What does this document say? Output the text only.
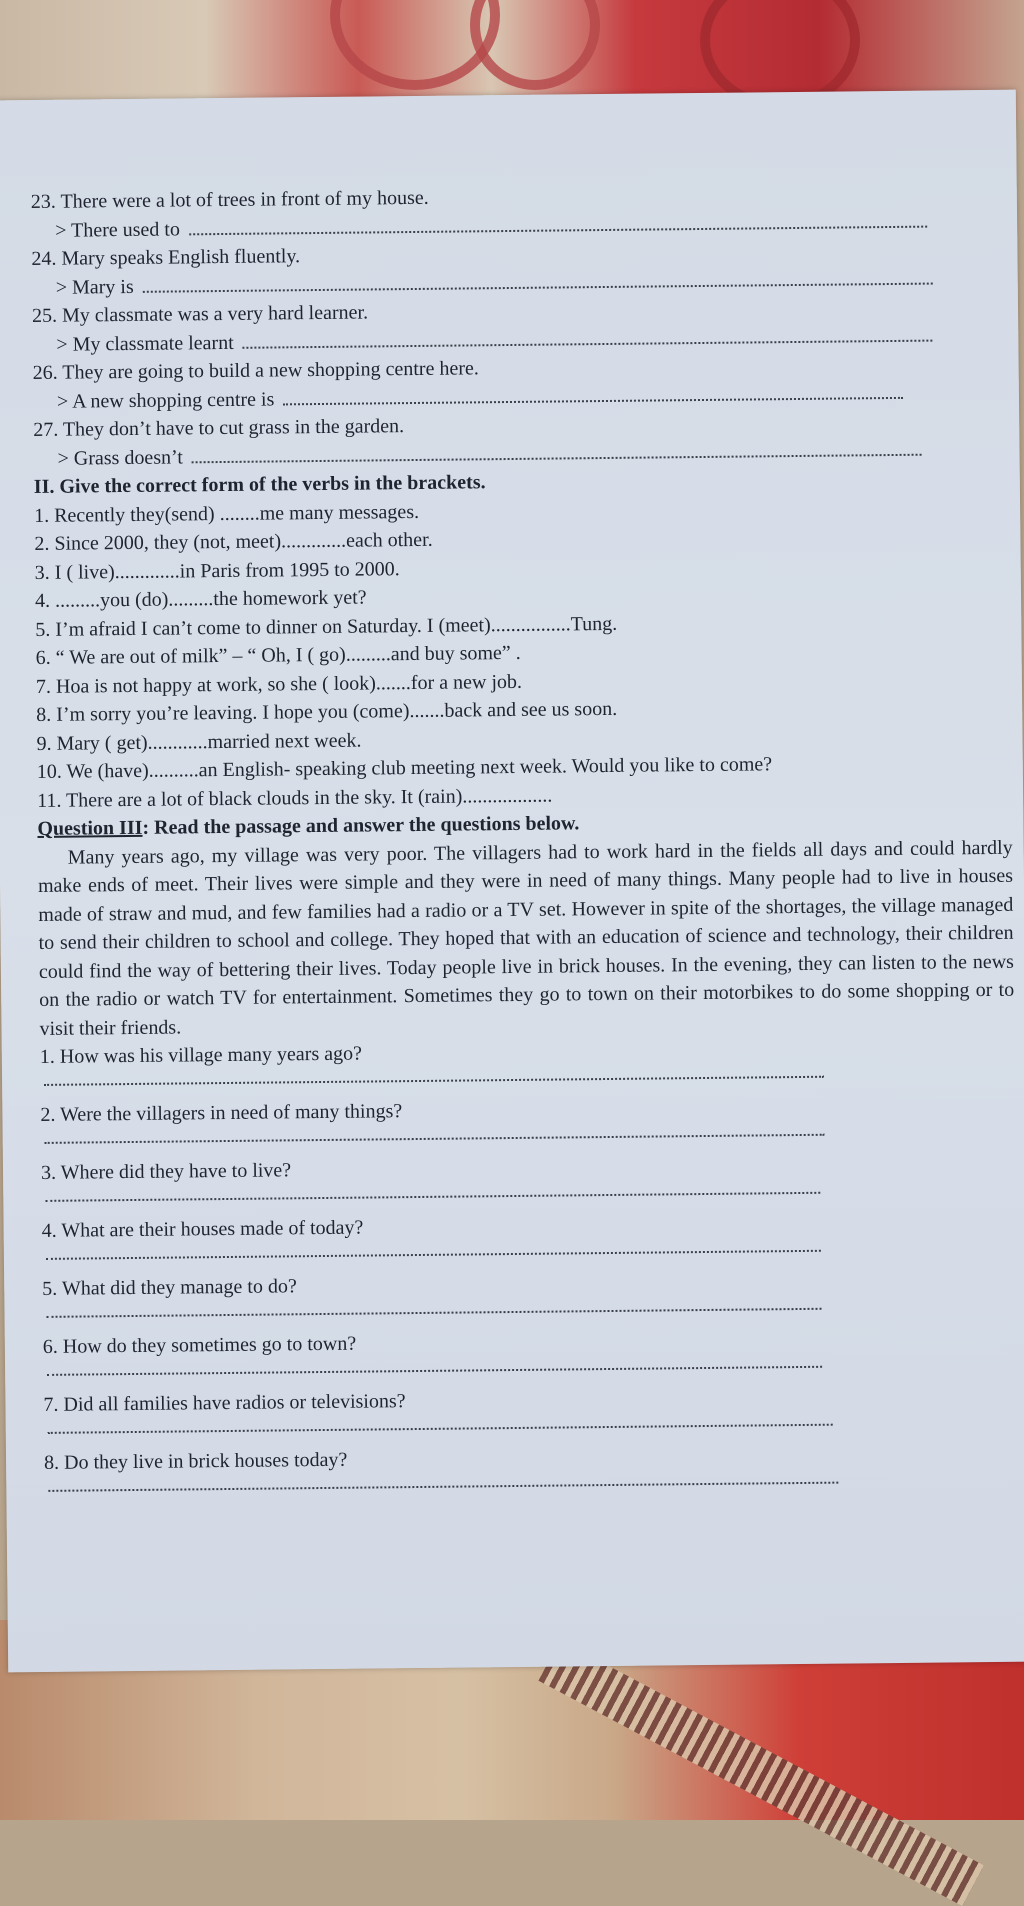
23. There were a lot of trees in front of my house.
> There used to
24. Mary speaks English fluently.
> Mary is
25. My classmate was a very hard learner.
> My classmate learnt
26. They are going to build a new shopping centre here.
> A new shopping centre is
27. They don’t have to cut grass in the garden.
> Grass doesn’t
II. Give the correct form of the verbs in the brackets.
1. Recently they(send) ........me many messages.
2. Since 2000, they (not, meet).............each other.
3. I ( live).............in Paris from 1995 to 2000.
4. .........you (do).........the homework yet?
5. I’m afraid I can’t come to dinner on Saturday. I (meet)................Tung.
6. “ We are out of milk” – “ Oh, I ( go).........and buy some” .
7. Hoa is not happy at work, so she ( look).......for a new job.
8. I’m sorry you’re leaving. I hope you (come).......back and see us soon.
9. Mary ( get)............married next week.
10. We (have)..........an English- speaking club meeting next week. Would you like to come?
11. There are a lot of black clouds in the sky. It (rain)..................
Question III: Read the passage and answer the questions below.
Many years ago, my village was very poor. The villagers had to work hard in the fields all days and could hardly make ends of meet. Their lives were simple and they were in need of many things. Many people had to live in houses made of straw and mud, and few families had a radio or a TV set. However in spite of the shortages, the village managed to send their children to school and college. They hoped that with an education of science and technology, their children could find the way of bettering their lives. Today people live in brick houses. In the evening, they can listen to the news on the radio or watch TV for entertainment. Sometimes they go to town on their motorbikes to do some shopping or to visit their friends.
1. How was his village many years ago?
2. Were the villagers in need of many things?
3. Where did they have to live?
4. What are their houses made of today?
5. What did they manage to do?
6. How do they sometimes go to town?
7. Did all families have radios or televisions?
8. Do they live in brick houses today?
